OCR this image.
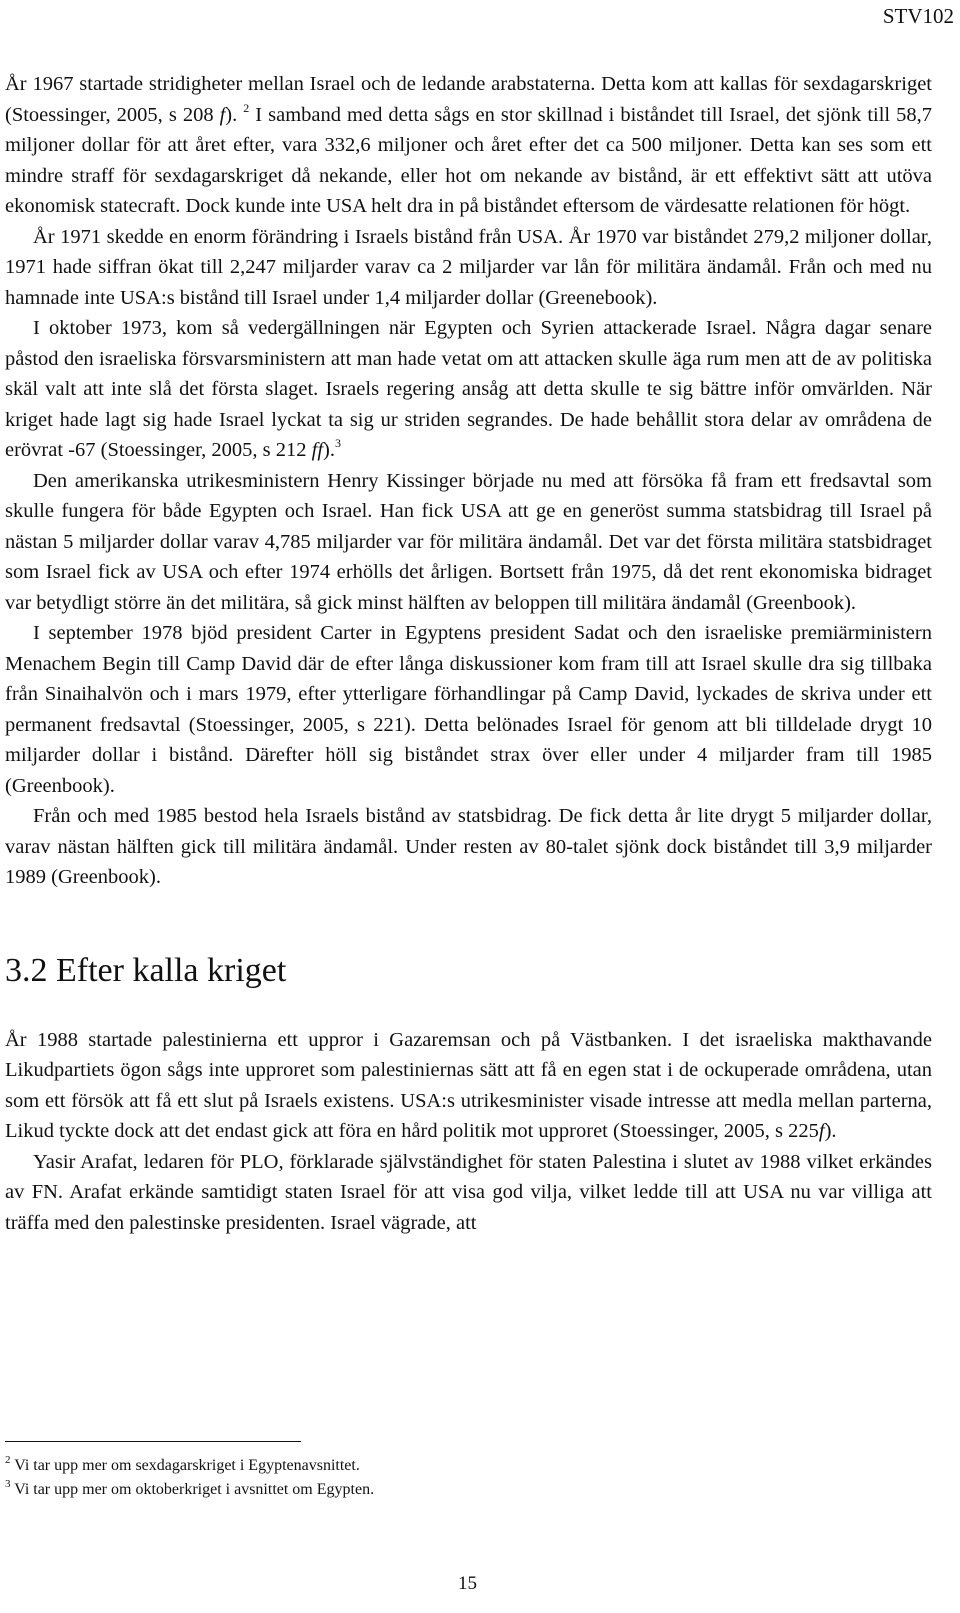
STV102

År 1967 startade stridigheter mellan Israel och de ledande arabstaterna. Detta kom att kallas för sexdagarskriget (Stoessinger, 2005, s 208 f). $^2$ I samband med detta sågs en stor skillnad i biståndet till Israel, det sjönk till 58,7 miljoner dollar för att året efter, vara 332,6 miljoner och året efter det ca 500 miljoner. Detta kan ses som ett mindre straff för sexdagarskriget då nekande, eller hot om nekande av bistånd, är ett effektivt sätt att utöva ekonomisk statecraft. Dock kunde inte USA helt dra in på biståndet eftersom de värdesatte relationen för högt.

År 1971 skedde en enorm förändring i Israels bistånd från USA. År 1970 var biståndet 279,2 miljoner dollar, 1971 hade siffran ökat till 2,247 miljarder varav ca 2 miljarder var lån för militära ändamål. Från och med nu hamnade inte USA:s bistånd till Israel under 1,4 miljarder dollar (Greenebook).

I oktober 1973, kom så vedergällningen när Egypten och Syrien attackerade Israel. Några dagar senare påstod den israeliska försvarsministern att man hade vetat om att attacken skulle äga rum men att de av politiska skäl valt att inte slå det första slaget. Israels regering ansåg att detta skulle te sig bättre inför omvärlden. När kriget hade lagt sig hade Israel lyckat ta sig ur striden segrandes. De hade behållit stora delar av områdena de erövrat -67 (Stoessinger, 2005, s 212 ff).$^3$

Den amerikanska utrikesministern Henry Kissinger började nu med att försöka få fram ett fredsavtal som skulle fungera för både Egypten och Israel. Han fick USA att ge en generöst summa statsbidrag till Israel på nästan 5 miljarder dollar varav 4,785 miljarder var för militära ändamål. Det var det första militära statsbidraget som Israel fick av USA och efter 1974 erhölls det årligen. Bortsett från 1975, då det rent ekonomiska bidraget var betydligt större än det militära, så gick minst hälften av beloppen till militära ändamål (Greenbook).

I september 1978 bjöd president Carter in Egyptens president Sadat och den israeliske premiärministern Menachem Begin till Camp David där de efter långa diskussioner kom fram till att Israel skulle dra sig tillbaka från Sinaihalvön och i mars 1979, efter ytterligare förhandlingar på Camp David, lyckades de skriva under ett permanent fredsavtal (Stoessinger, 2005, s 221). Detta belönades Israel för genom att bli tilldelade drygt 10 miljarder dollar i bistånd. Därefter höll sig biståndet strax över eller under 4 miljarder fram till 1985 (Greenbook).

Från och med 1985 bestod hela Israels bistånd av statsbidrag. De fick detta år lite drygt 5 miljarder dollar, varav nästan hälften gick till militära ändamål. Under resten av 80-talet sjönk dock biståndet till 3,9 miljarder 1989 (Greenbook).

3.2 Efter kalla kriget

År 1988 startade palestinierna ett uppror i Gazaremsan och på Västbanken. I det israeliska makthavande Likudpartiets ögon sågs inte upproret som palestiniernas sätt att få en egen stat i de ockuperade områdena, utan som ett försök att få ett slut på Israels existens. USA:s utrikesminister visade intresse att medla mellan parterna, Likud tyckte dock att det endast gick att föra en hård politik mot upproret (Stoessinger, 2005, s 225f).

Yasir Arafat, ledaren för PLO, förklarade självständighet för staten Palestina i slutet av 1988 vilket erkändes av FN. Arafat erkände samtidigt staten Israel för att visa god vilja, vilket ledde till att USA nu var villiga att träffa med den palestinske presidenten. Israel vägrade, att

$^2$ Vi tar upp mer om sexdagarskriget i Egyptenavsnittet.
$^3$ Vi tar upp mer om oktoberkriget i avsnittet om Egypten.
15
